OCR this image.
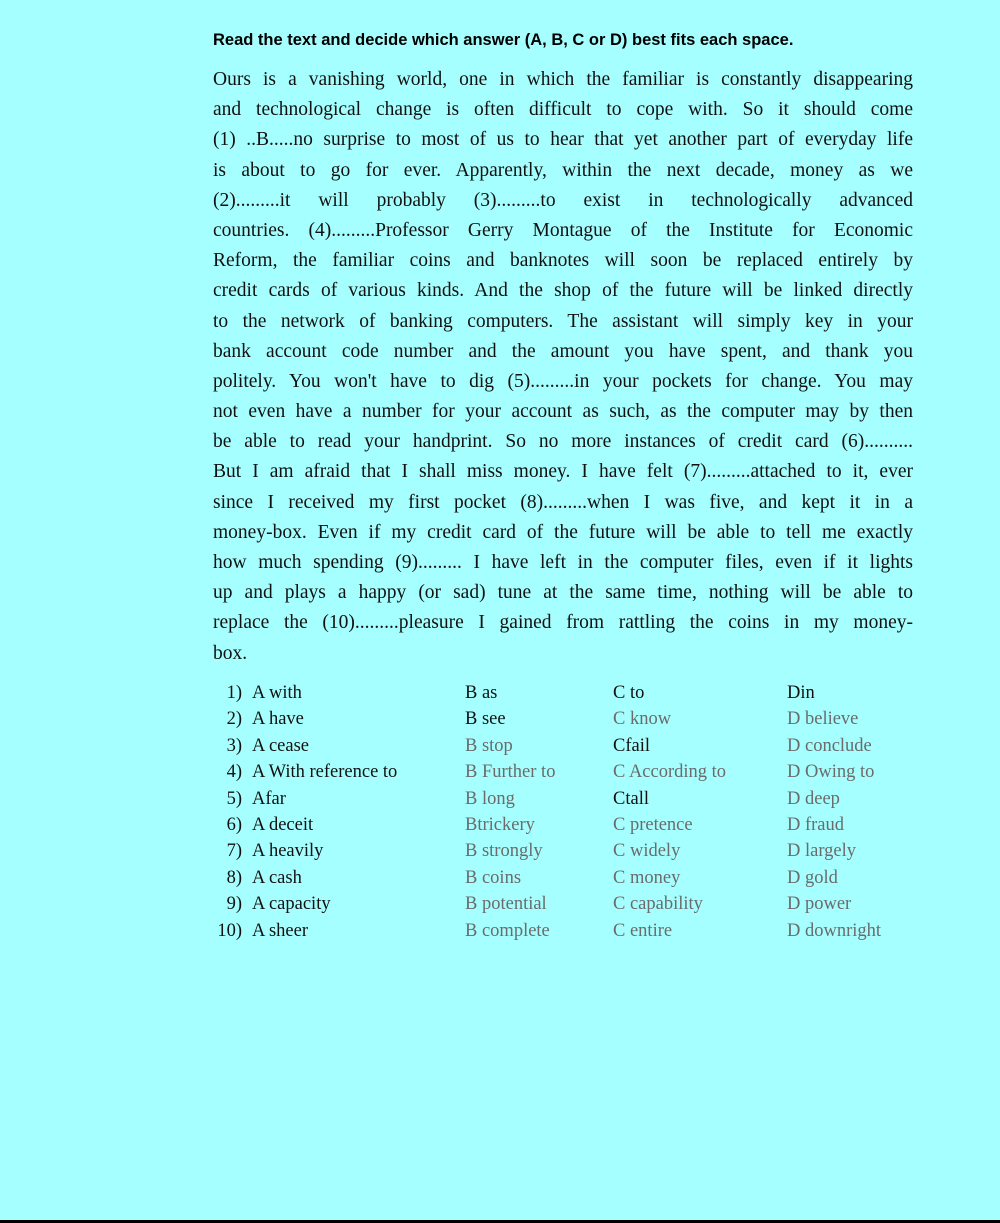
Read the text and decide which answer (A, B, C or D) best fits each space.
Ours is a vanishing world, one in which the familiar is constantly disappearing
and technological change is often difficult to cope with. So it should come
(1) ..B.....no surprise to most of us to hear that yet another part of everyday life
is about to go for ever. Apparently, within the next decade, money as we
(2).........it will probably (3).........to exist in technologically advanced
countries. (4).........Professor Gerry Montague of the Institute for Economic
Reform, the familiar coins and banknotes will soon be replaced entirely by
credit cards of various kinds. And the shop of the future will be linked directly
to the network of banking computers. The assistant will simply key in your
bank account code number and the amount you have spent, and thank you
politely. You won't have to dig (5).........in your pockets for change. You may
not even have a number for your account as such, as the computer may by then
be able to read your handprint. So no more instances of credit card (6)..........
But I am afraid that I shall miss money. I have felt (7).........attached to it, ever
since I received my first pocket (8).........when I was five, and kept it in a
money-box. Even if my credit card of the future will be able to tell me exactly
how much spending (9)......... I have left in the computer files, even if it lights
up and plays a happy (or sad) tune at the same time, nothing will be able to
replace the (10).........pleasure I gained from rattling the coins in my money-
box.
1) A with	B as	C to	Din
2) A have	B see	C know	D believe
3) A cease	B stop	Cfail	D conclude
4) A With reference to	B Further to	C According to	D Owing to
5) Afar	B long	Ctall	D deep
6) A deceit	Btrickery	C pretence	D fraud
7) A heavily	B strongly	C widely	D largely
8) A cash	B coins	C money	D gold
9) A capacity	B potential	C capability	D power
10) A sheer	B complete	C entire	D downright
